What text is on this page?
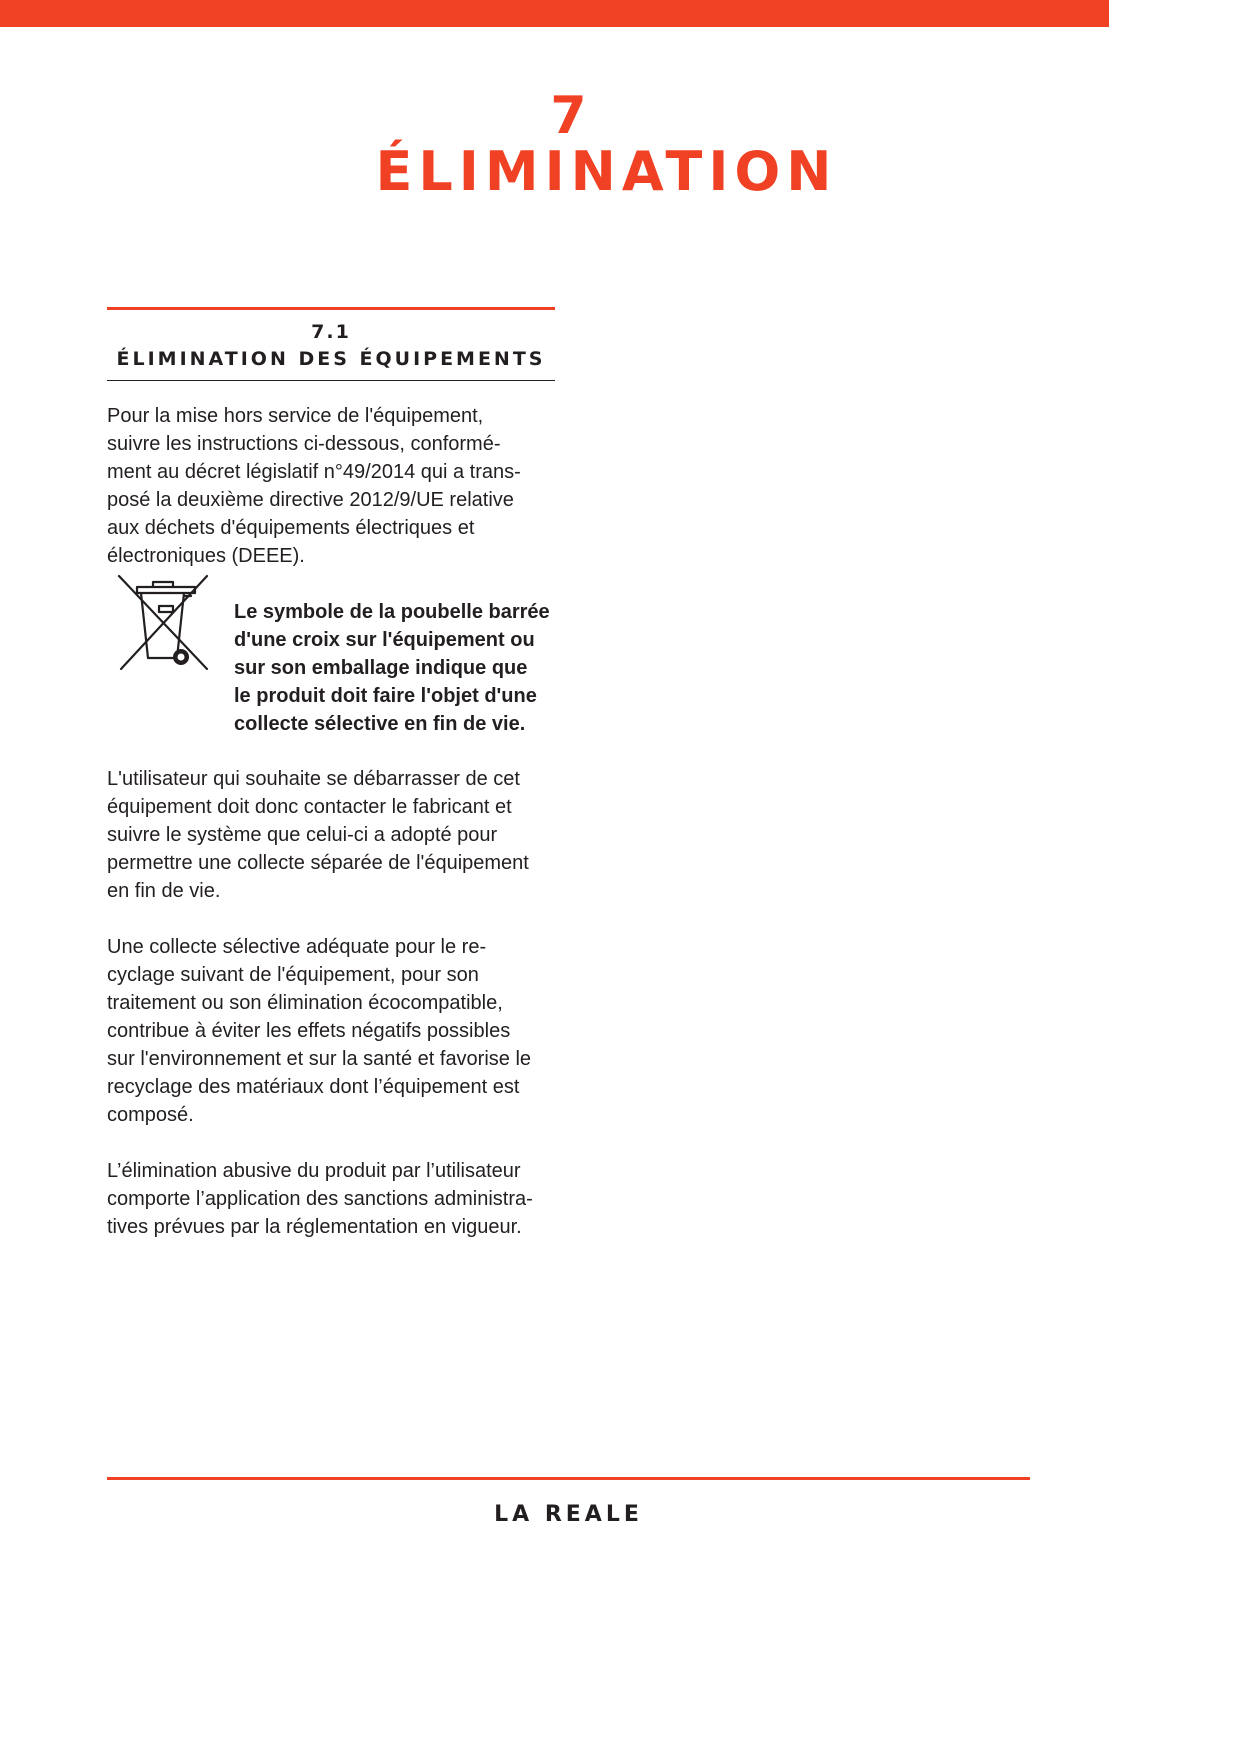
7
ÉLIMINATION
7.1
ÉLIMINATION DES ÉQUIPEMENTS

Pour la mise hors service de l'équipement,
suivre les instructions ci-dessous, conformé-
ment au décret législatif n°49/2014 qui a trans-
posé la deuxième directive 2012/9/UE relative
aux déchets d'équipements électriques et
électroniques (DEEE).

Le symbole de la poubelle barrée
d'une croix sur l'équipement ou
sur son emballage indique que
le produit doit faire l'objet d'une
collecte sélective en fin de vie.

L'utilisateur qui souhaite se débarrasser de cet
équipement doit donc contacter le fabricant et
suivre le système que celui-ci a adopté pour
permettre une collecte séparée de l'équipement
en fin de vie.

Une collecte sélective adéquate pour le re-
cyclage suivant de l'équipement, pour son
traitement ou son élimination écocompatible,
contribue à éviter les effets négatifs possibles
sur l'environnement et sur la santé et favorise le
recyclage des matériaux dont l’équipement est
composé.

L’élimination abusive du produit par l’utilisateur
comporte l’application des sanctions administra-
tives prévues par la réglementation en vigueur.

LA REALE
